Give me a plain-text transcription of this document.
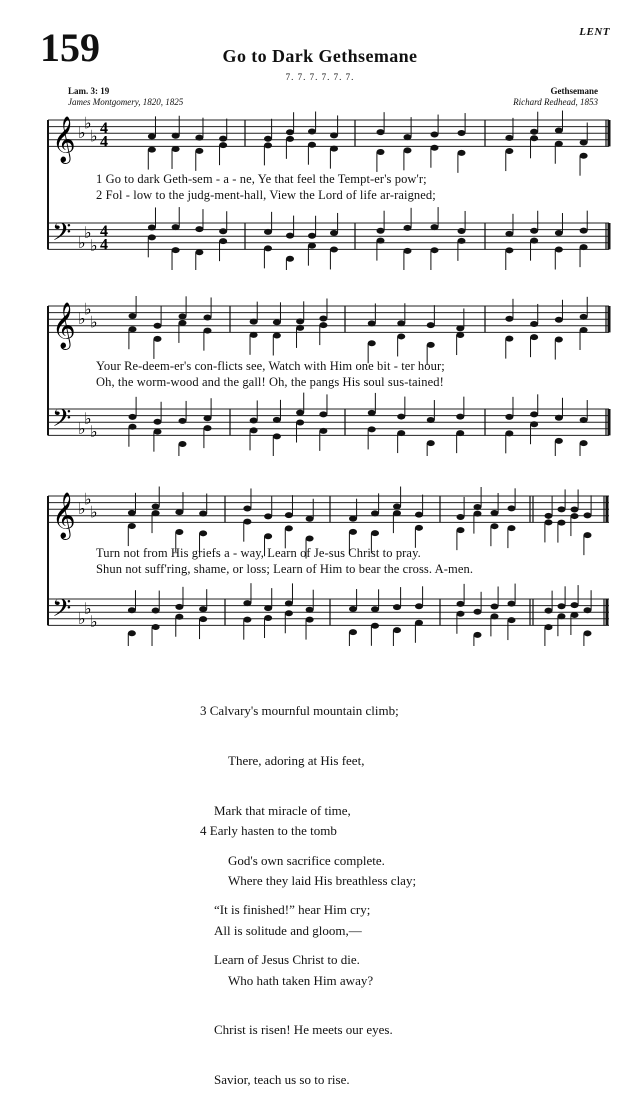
159	LENT
Go to Dark Gethsemane
7. 7. 7. 7. 7. 7.
Lam. 3: 19
James Montgomery, 1820, 1825
Gethsemane
Richard Redhead, 1853
𝄞
𝄢
♭
♭
♭
♭
♭
♭
4
4
4
4
1 Go to dark Geth-sem - a - ne, Ye that feel the Tempt-er's pow'r;
2 Fol - low to the judg-ment-hall, View the Lord of life ar-raigned;
𝄞
𝄢
♭
♭
♭
♭
♭
♭
Your Re-deem-er's con-flicts see, Watch with Him one bit - ter hour;
Oh, the worm-wood and the gall! Oh, the pangs His soul sus-tained!
𝄞
𝄢
♭
♭
♭
♭
♭
♭
Turn not from His griefs a - way, Learn of Je-sus Christ to pray.
Shun not suff'ring, shame, or loss; Learn of Him to bear the cross. A-men.

3 Calvary's mournful mountain climb;

There, adoring at His feet,

Mark that miracle of time,

God's own sacrifice complete.

“It is finished!” hear Him cry;

Learn of Jesus Christ to die.

4 Early hasten to the tomb

Where they laid His breathless clay;

All is solitude and gloom,—

Who hath taken Him away?

Christ is risen! He meets our eyes.

Savior, teach us so to rise.
